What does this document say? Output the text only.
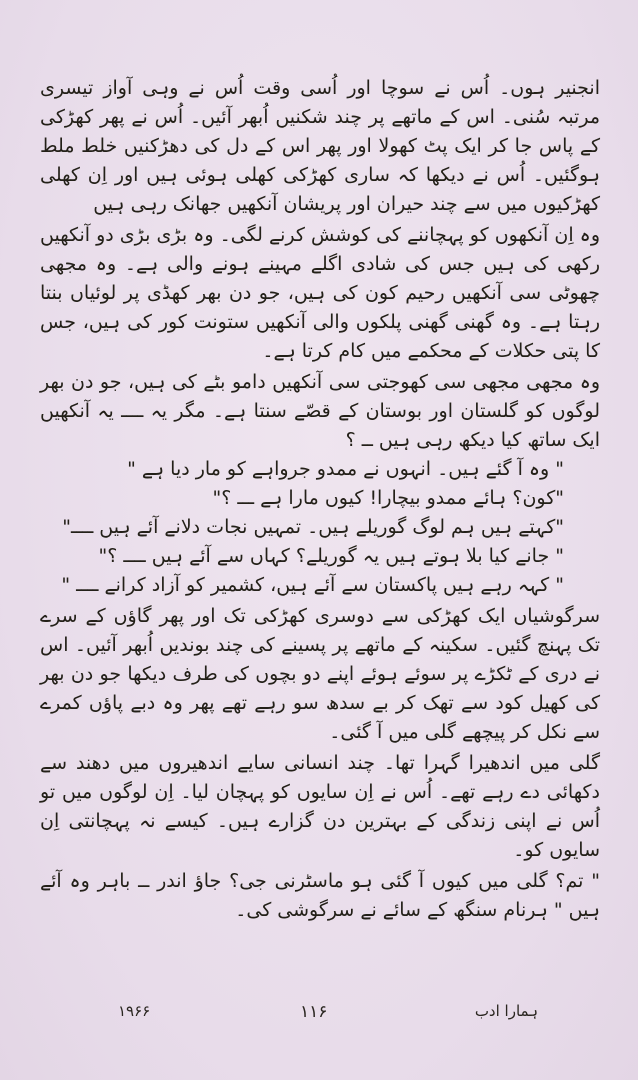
انجنیر ہوں۔ اُس نے سوچا اور اُسی وقت اُس نے وہی آواز تیسری مرتبہ سُنی۔ اس کے ماتھے پر چند شکنیں اُبھر آئیں۔ اُس نے پھر کھڑکی کے پاس جا کر ایک پٹ کھولا اور پھر اس کے دل کی دھڑکنیں خلط ملط ہوگئیں۔ اُس نے دیکھا کہ ساری کھڑکی کھلی ہوئی ہیں اور اِن کھلی کھڑکیوں میں سے چند حیران اور پریشان آنکھیں جھانک رہی ہیں

وہ اِن آنکھوں کو پہچاننے کی کوشش کرنے لگی۔ وہ بڑی بڑی دو آنکھیں رکھی کی ہیں جس کی شادی اگلے مہینے ہونے والی ہے۔ وہ مجھی چھوٹی سی آنکھیں رحیم کون کی ہیں، جو دن بھر کھڈی پر لوئیاں بنتا رہتا ہے۔ وہ گھنی گھنی پلکوں والی آنکھیں ستونت کور کی ہیں، جس کا پتی حکلات کے محکمے میں کام کرتا ہے۔

وہ مجھی مجھی سی کھوجتی سی آنکھیں دامو بٹے کی ہیں، جو دن بھر لوگوں کو گلستان اور بوستان کے قصّے سنتا ہے۔ مگر یہ ــــ یہ آنکھیں ایک ساتھ کیا دیکھ رہی ہیں ــ ؟

" وہ آ گئے ہیں۔ انہوں نے ممدو جرواہے کو مار دیا ہے "

"کون؟ ہائے ممدو بیچارا! کیوں مارا ہے ـــ ؟"

"کہتے ہیں ہم لوگ گوریلے ہیں۔ تمہیں نجات دلانے آئے ہیں ــــ"

" جانے کیا بلا ہوتے ہیں یہ گوریلے؟ کہاں سے آئے ہیں ــــ ؟"

" کہہ رہے ہیں پاکستان سے آئے ہیں، کشمیر کو آزاد کرانے ــــ "

سرگوشیاں ایک کھڑکی سے دوسری کھڑکی تک اور پھر گاؤں کے سرے تک پہنچ گئیں۔ سکینہ کے ماتھے پر پسینے کی چند بوندیں اُبھر آئیں۔ اس نے دری کے ٹکڑے پر سوئے ہوئے اپنے دو بچوں کی طرف دیکھا جو دن بھر کی کھیل کود سے تھک کر بے سدھ سو رہے تھے پھر وہ دبے پاؤں کمرے سے نکل کر پیچھے گلی میں آ گئی۔

گلی میں اندھیرا گہرا تھا۔ چند انسانی سایے اندھیروں میں دھند سے دکھائی دے رہے تھے۔ اُس نے اِن سایوں کو پہچان لیا۔ اِن لوگوں میں تو اُس نے اپنی زندگی کے بہترین دن گزارے ہیں۔ کیسے نہ پہچانتی اِن سایوں کو۔

" تم؟ گلی میں کیوں آ گئی ہو ماسٹرنی جی؟ جاؤ اندر ــ باہر وہ آئے ہیں " ہرنام سنگھ کے سائے نے سرگوشی کی۔

۱۹۶۶	۱۱۶	ہمارا ادب
